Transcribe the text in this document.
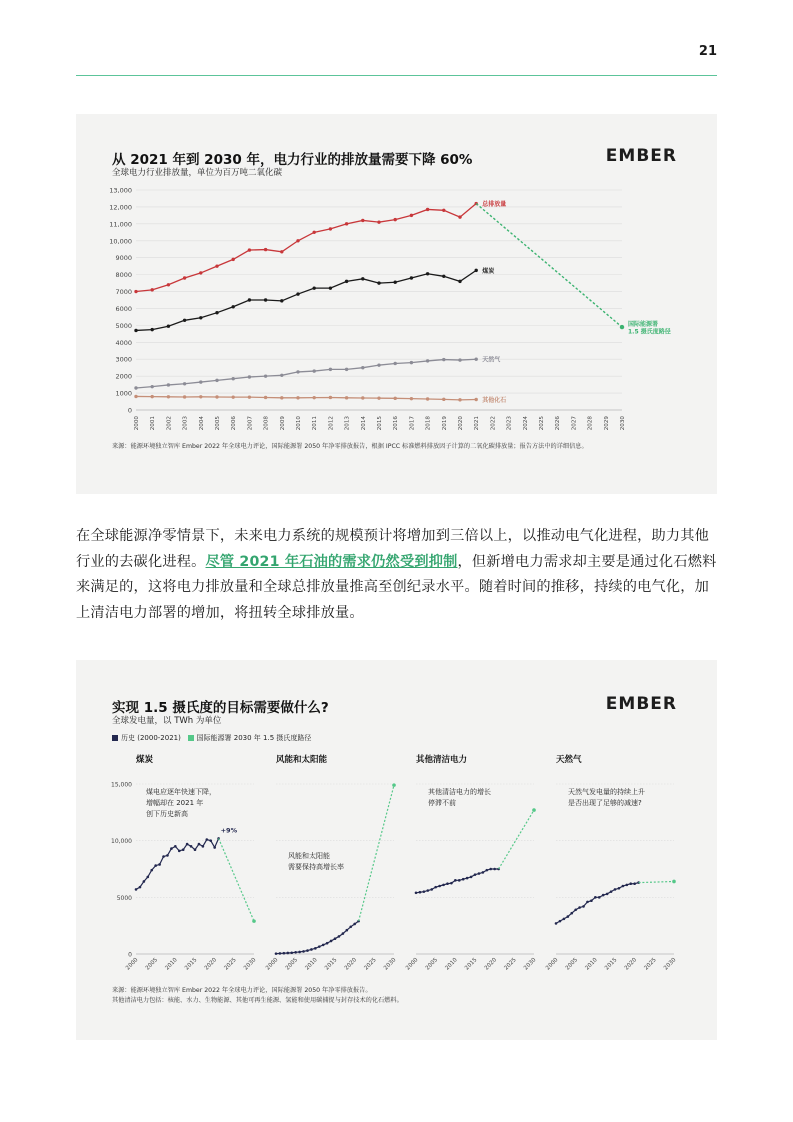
21
从 2021 年到 2030 年，电力行业的排放量需要下降 60%
全球电力行业排放量，单位为百万吨二氧化碳
EMBER
0
1000
2000
3000
4000
5000
6000
7000
8000
9000
10,000
11,000
12,000
13,000
2000 2001 2002 2003 2004 2005 2006 2007 2008 2009 2010 2011 2012 2013 2014 2015 2016 2017 2018 2019 2020 2021 2022 2023 2024 2025 2026 2027 2028 2029 2030
总排放量
煤炭
天然气
其他化石
国际能源署
1.5 摄氏度路径
来源：能源环境独立智库 Ember 2022 年全球电力评论，国际能源署 2050 年净零排放报告，根据 IPCC 标准燃料排放因子计算的二氧化碳排放量；报告方法中的详细信息。
在全球能源净零情景下，未来电力系统的规模预计将增加到三倍以上，以推动电气化进程，助力其他行业的去碳化进程。尽管 2021 年石油的需求仍然受到抑制，但新增电力需求却主要是通过化石燃料来满足的，这将电力排放量和全球总排放量推高至创纪录水平。随着时间的推移，持续的电气化，加上清洁电力部署的增加，将扭转全球排放量。
实现 1.5 摄氏度的目标需要做什么?
全球发电量，以 TWh 为单位
EMBER
历史 (2000-2021) 国际能源署 2030 年 1.5 摄氏度路径
煤炭
0
5000
10,000
15,000
2000 2005 2010 2015 2020 2025 2030
煤电应逐年快速下降，
增幅却在 2021 年
创下历史新高
+9%
风能和太阳能
2000 2005 2010 2015 2020 2025 2030
风能和太阳能
需要保持高增长率
其他清洁电力
2000 2005 2010 2015 2020 2025 2030
其他清洁电力的增长
停滞不前
天然气
2000 2005 2010 2015 2020 2025 2030
天然气发电量的持续上升
是否出现了足够的减速?
来源：能源环境独立智库 Ember 2022 年全球电力评论，国际能源署 2050 年净零排放报告。
其他清洁电力包括：核能、水力、生物能源、其他可再生能源、氢能和使用碳捕捉与封存技术的化石燃料。
